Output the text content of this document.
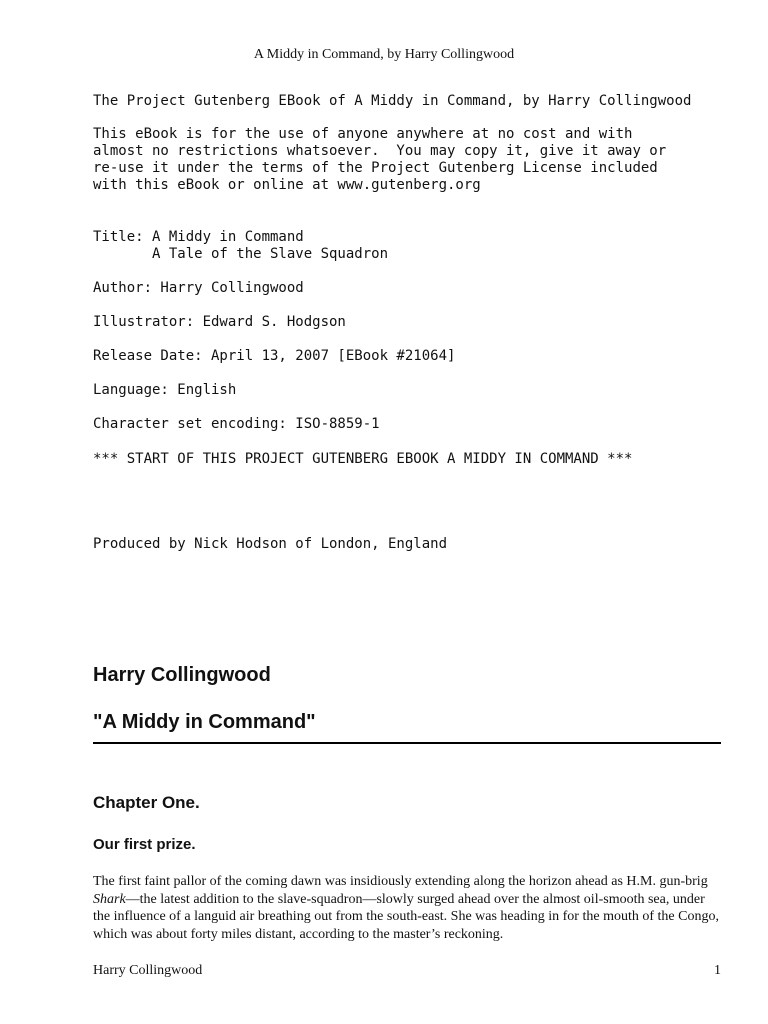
A Middy in Command, by Harry Collingwood
The Project Gutenberg EBook of A Middy in Command, by Harry Collingwood
This eBook is for the use of anyone anywhere at no cost and with
almost no restrictions whatsoever.  You may copy it, give it away or
re-use it under the terms of the Project Gutenberg License included
with this eBook or online at www.gutenberg.org
Title: A Middy in Command
A Tale of the Slave Squadron
Author: Harry Collingwood
Illustrator: Edward S. Hodgson
Release Date: April 13, 2007 [EBook #21064]
Language: English
Character set encoding: ISO-8859-1
*** START OF THIS PROJECT GUTENBERG EBOOK A MIDDY IN COMMAND ***
Produced by Nick Hodson of London, England
Harry Collingwood
"A Middy in Command"
Chapter One.
Our first prize.

The first faint pallor of the coming dawn was insidiously extending along the horizon ahead as H.M. gun-brig Shark—the latest addition to the slave-squadron—slowly surged ahead over the almost oil-smooth sea, under the influence of a languid air breathing out from the south-east. She was heading in for the mouth of the Congo, which was about forty miles distant, according to the master’s reckoning.

Harry Collingwood	1
